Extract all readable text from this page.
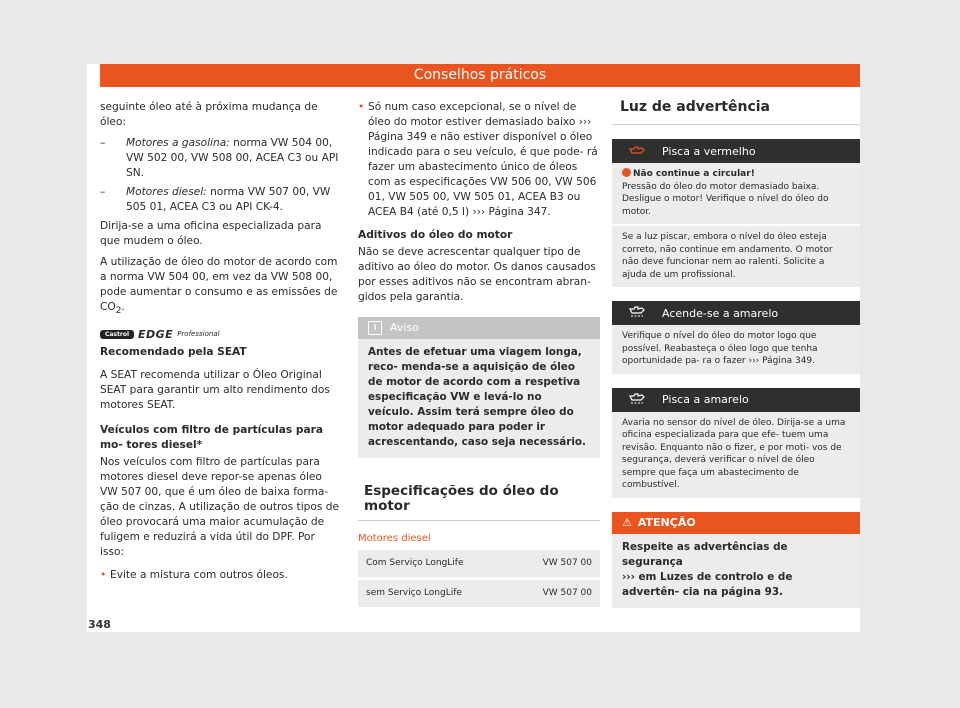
Conselhos práticos

seguinte óleo até à próxima mudança de óleo:

– Motores a gasolina: norma VW 504 00, VW 502 00, VW 508 00, ACEA C3 ou API SN.
– Motores diesel: norma VW 507 00, VW 505 01, ACEA C3 ou API CK-4.

Dirija-se a uma oficina especializada para que mudem o óleo.

A utilização de óleo do motor de acordo com a norma VW 504 00, em vez da VW 508 00, pode aumentar o consumo e as emissões de $CO_2$.

Castrol EDGE Professional

Recomendado pela SEAT

A SEAT recomenda utilizar o Óleo Original SEAT para garantir um alto rendimento dos motores SEAT.

Veículos com filtro de partículas para mo- tores diesel*

Nos veículos com filtro de partículas para motores diesel deve repor-se apenas óleo VW 507 00, que é um óleo de baixa forma- ção de cinzas. A utilização de outros tipos de óleo provocará uma maior acumulação de fuligem e reduzirá a vida útil do DPF. Por isso:

• Evite a mistura com outros óleos.
348
• Só num caso excepcional, se o nível de óleo do motor estiver demasiado baixo ››› Página 349 e não estiver disponível o óleo indicado para o seu veículo, é que pode- rá fazer um abastecimento único de óleos com as especificações VW 506 00, VW 506 01, VW 505 00, VW 505 01, ACEA B3 ou ACEA B4 (até 0,5 l) ››› Página 347.

Aditivos do óleo do motor

Não se deve acrescentar qualquer tipo de aditivo ao óleo do motor. Os danos causados por esses aditivos não se encontram abran- gidos pela garantia.

i	Aviso
Antes de efetuar uma viagem longa, reco- menda-se a aquisição de óleo de motor de acordo com a respetiva especificação VW e levá-lo no veículo. Assim terá sempre óleo do motor adequado para poder ir acrescentando, caso seja necessário.
Especificações do óleo do motor
Motores diesel
Com Serviço LongLife	VW 507 00
sem Serviço LongLife	VW 507 00
Luz de advertência
Pisca a vermelho

Não continue a circular!

Pressão do óleo do motor demasiado baixa. Desligue o motor! Verifique o nível do óleo do motor.

Se a luz piscar, embora o nível do óleo esteja correto, não continue em andamento. O motor não deve funcionar nem ao ralenti. Solicite a ajuda de um profissional.

Acende-se a amarelo

Verifique o nível do óleo do motor logo que possível. Reabasteça o óleo logo que tenha oportunidade pa- ra o fazer ››› Página 349.

Pisca a amarelo

Avaria no sensor do nível de óleo. Dirija-se a uma oficina especializada para que efe- tuem uma revisão. Enquanto não o fizer, e por moti- vos de segurança, deverá verificar o nível de óleo sempre que faça um abastecimento de combustível.

⚠ ATENÇÃO
Respeite as advertências de segurança
››› em Luzes de controlo e de advertên- cia na página 93.
